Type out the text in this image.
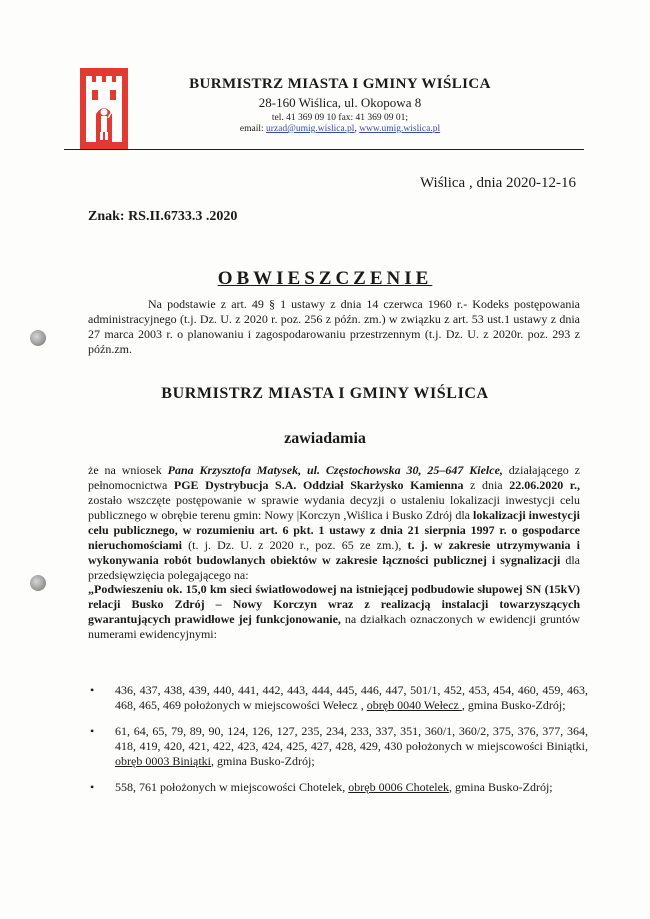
BURMISTRZ MIASTA I GMINY WIŚLICA
28-160 Wiślica, ul. Okopowa 8
tel. 41 369 09 10 fax: 41 369 09 01;
email: urzad@umig.wislica.pl, www.umig.wislica.pl
Wiślica , dnia 2020-12-16
Znak: RS.II.6733.3 .2020
OBWIESZCZENIE
Na podstawie z art. 49 § 1 ustawy z dnia 14 czerwca 1960 r.- Kodeks postępowania administracyjnego (t.j. Dz. U. z 2020 r. poz. 256 z późn. zm.) w związku z art. 53 ust.1 ustawy z dnia 27 marca 2003 r. o planowaniu i zagospodarowaniu przestrzennym (t.j. Dz. U. z 2020r. poz. 293 z późn.zm.
BURMISTRZ MIASTA I GMINY WIŚLICA
zawiadamia
że na wniosek Pana Krzysztofa Matysek, ul. Częstochowska 30, 25–647 Kielce, działającego z pełnomocnictwa PGE Dystrybucja S.A. Oddział Skarżysko Kamienna z dnia 22.06.2020 r., zostało wszczęte postępowanie w sprawie wydania decyzji o ustaleniu lokalizacji inwestycji celu publicznego w obrębie terenu gmin: Nowy |Korczyn ,Wiślica i Busko Zdrój dla lokalizacji inwestycji celu publicznego, w rozumieniu art. 6 pkt. 1 ustawy z dnia 21 sierpnia 1997 r. o gospodarce nieruchomościami (t. j. Dz. U. z 2020 r., poz. 65 ze zm.), t. j. w zakresie utrzymywania i wykonywania robót budowlanych obiektów w zakresie łączności publicznej i sygnalizacji dla przedsięwzięcia polegającego na:
„Podwieszeniu ok. 15,0 km sieci światłowodowej na istniejącej podbudowie słupowej SN (15kV) relacji Busko Zdrój – Nowy Korczyn wraz z realizacją instalacji towarzyszących gwarantujących prawidłowe jej funkcjonowanie, na działkach oznaczonych w ewidencji gruntów numerami ewidencyjnymi:
• 436, 437, 438, 439, 440, 441, 442, 443, 444, 445, 446, 447, 501/1, 452, 453, 454, 460, 459, 463, 468, 465, 469 położonych w miejscowości Wełecz , obręb 0040 Wełecz , gmina Busko-Zdrój;
• 61, 64, 65, 79, 89, 90, 124, 126, 127, 235, 234, 233, 337, 351, 360/1, 360/2, 375, 376, 377, 364, 418, 419, 420, 421, 422, 423, 424, 425, 427, 428, 429, 430 położonych w miejscowości Biniątki, obręb 0003 Biniątki, gmina Busko-Zdrój;
• 558, 761 położonych w miejscowości Chotelek, obręb 0006 Chotelek, gmina Busko-Zdrój;
